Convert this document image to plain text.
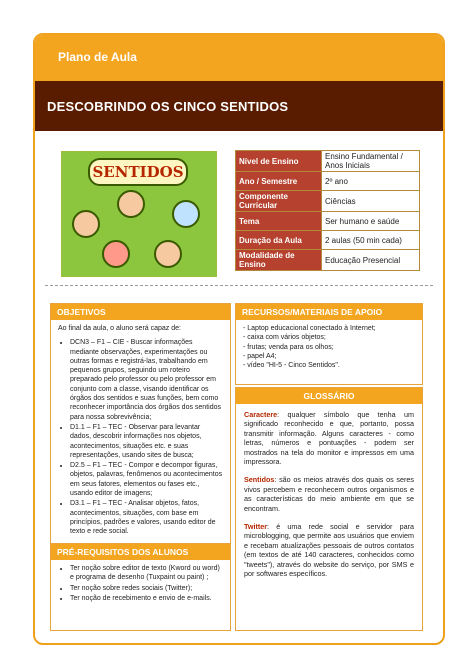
Plano de Aula
DESCOBRINDO OS CINCO SENTIDOS
SENTIDOS
Nível de Ensino	Ensino Fundamental / Anos Iniciais
Ano / Semestre	2º ano
Componente Curricular	Ciências
Tema	Ser humano e saúde
Duração da Aula	2 aulas (50 min cada)
Modalidade de Ensino	Educação Presencial
OBJETIVOS

Ao final da aula, o aluno será capaz de:

• DCN3 – F1 – CIE - Buscar informações mediante observações, experimentações ou outras formas e registrá-las, trabalhando em pequenos grupos, seguindo um roteiro preparado pelo professor ou pelo professor em conjunto com a classe, visando identificar os órgãos dos sentidos e suas funções, bem como reconhecer importância dos órgãos dos sentidos para nossa sobrevivência;
• D1.1 – F1 – TEC - Observar para levantar dados, descobrir informações nos objetos, acontecimentos, situações etc. e suas representações, usando sites de busca;
• D2.5 – F1 – TEC - Compor e decompor figuras, objetos, palavras, fenômenos ou acontecimentos em seus fatores, elementos ou fases etc., usando editor de imagens;
• D3.1 – F1 – TEC - Analisar objetos, fatos, acontecimentos, situações, com base em princípios, padrões e valores, usando editor de texto e rede social.
PRÉ-REQUISITOS DOS ALUNOS
• Ter noção sobre editor de texto (Kword ou word) e programa de desenho (Tuxpaint ou paint) ;
• Ter noção sobre redes sociais (Twitter);
• Ter noção de recebimento e envio de e-mails.
RECURSOS/MATERIAIS DE APOIO
- Laptop educacional conectado à Internet;
- caixa com vários objetos;
- frutas; venda para os olhos;
- papel A4;
- vídeo "HI-5 - Cinco Sentidos".
GLOSSÁRIO

Caractere: qualquer símbolo que tenha um significado reconhecido e que, portanto, possa transmitir informação. Alguns caracteres - como letras, números e pontuações - podem ser mostrados na tela do monitor e impressos em uma impressora.

Sentidos: são os meios através dos quais os seres vivos percebem e reconhecem outros organismos e as características do meio ambiente em que se encontram.

Twitter: é uma rede social e servidor para microblogging, que permite aos usuários que enviem e recebam atualizações pessoais de outros contatos (em textos de até 140 caracteres, conhecidos como "tweets"), através do website do serviço, por SMS e por softwares específicos.
